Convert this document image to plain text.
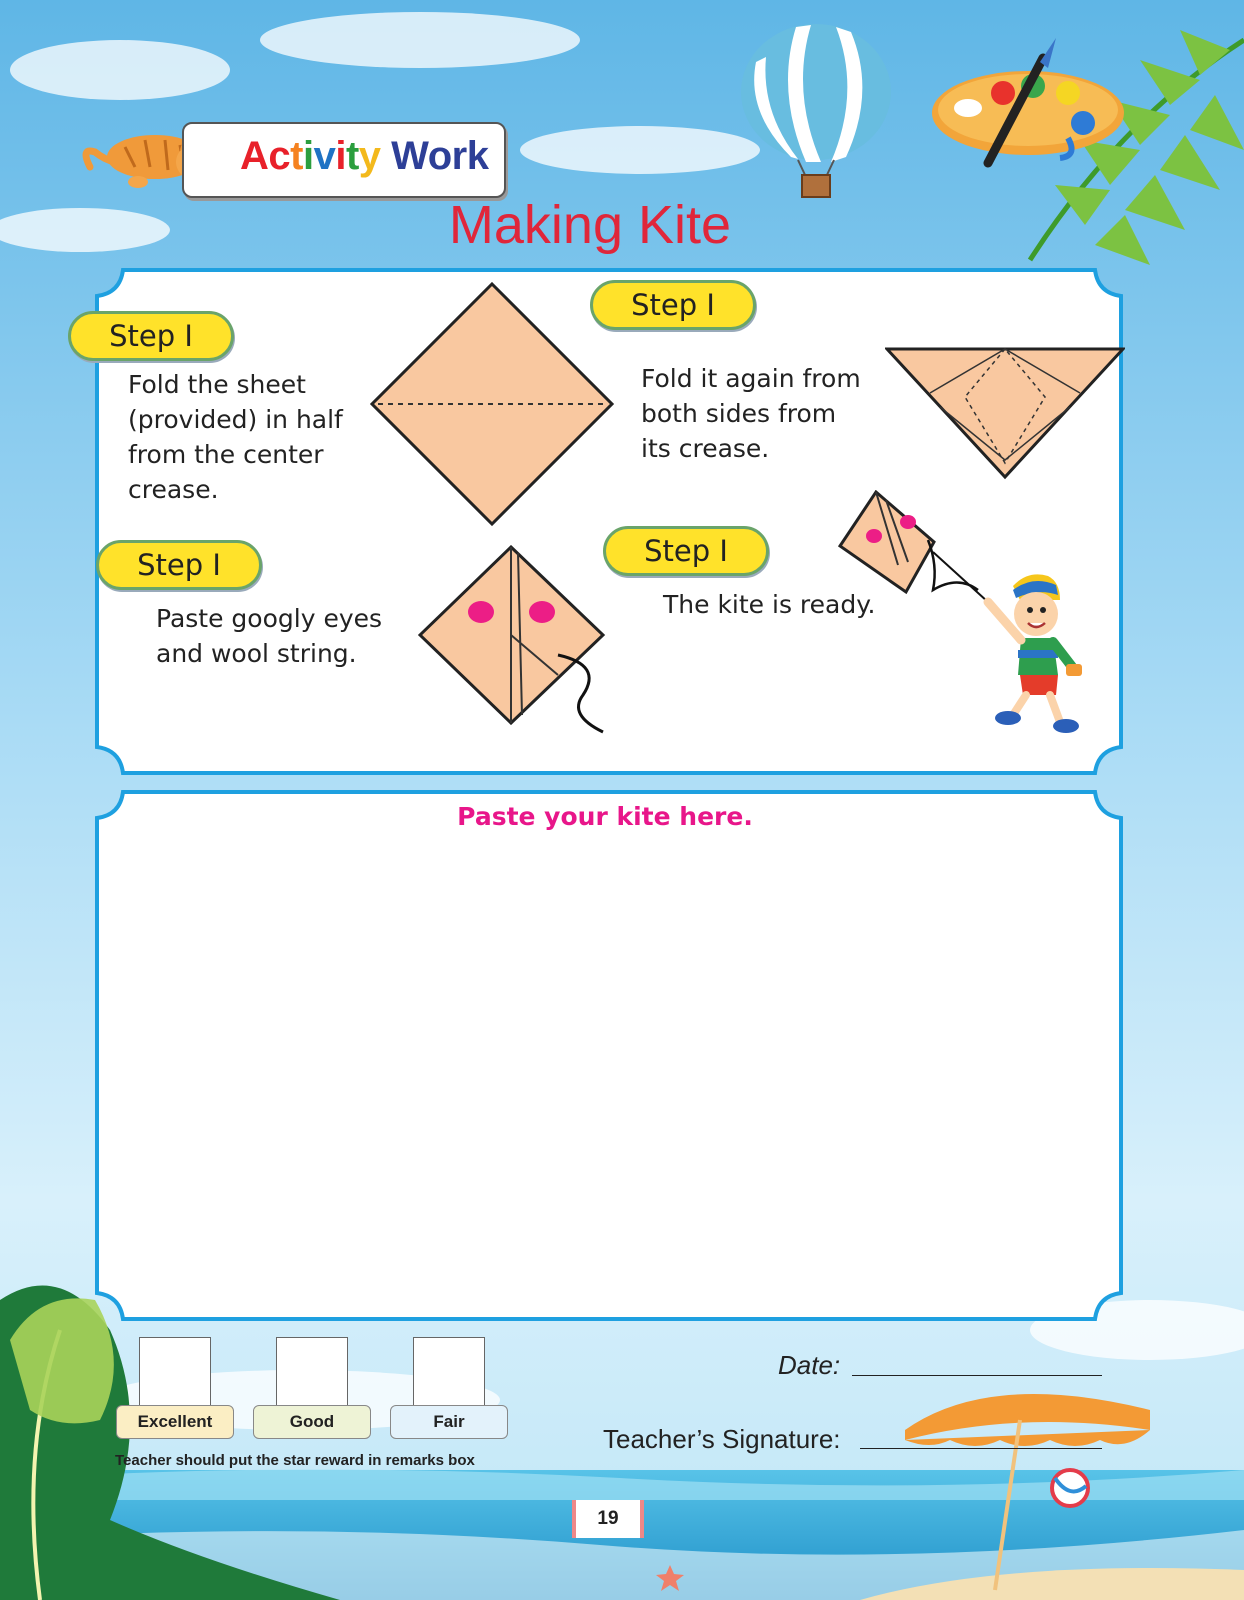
Activity Work
Making Kite
Step I
Step I
Step I	Step I
Fold the sheet
(provided) in half
from the center
crease.
Fold it again from
both sides from
its crease.
Paste googly eyes
and wool string.
The kite is ready.
Paste your kite here.
Excellent	Good	Fair
Teacher should put the star reward in remarks box
Date:
Teacher’s Signature:
19
